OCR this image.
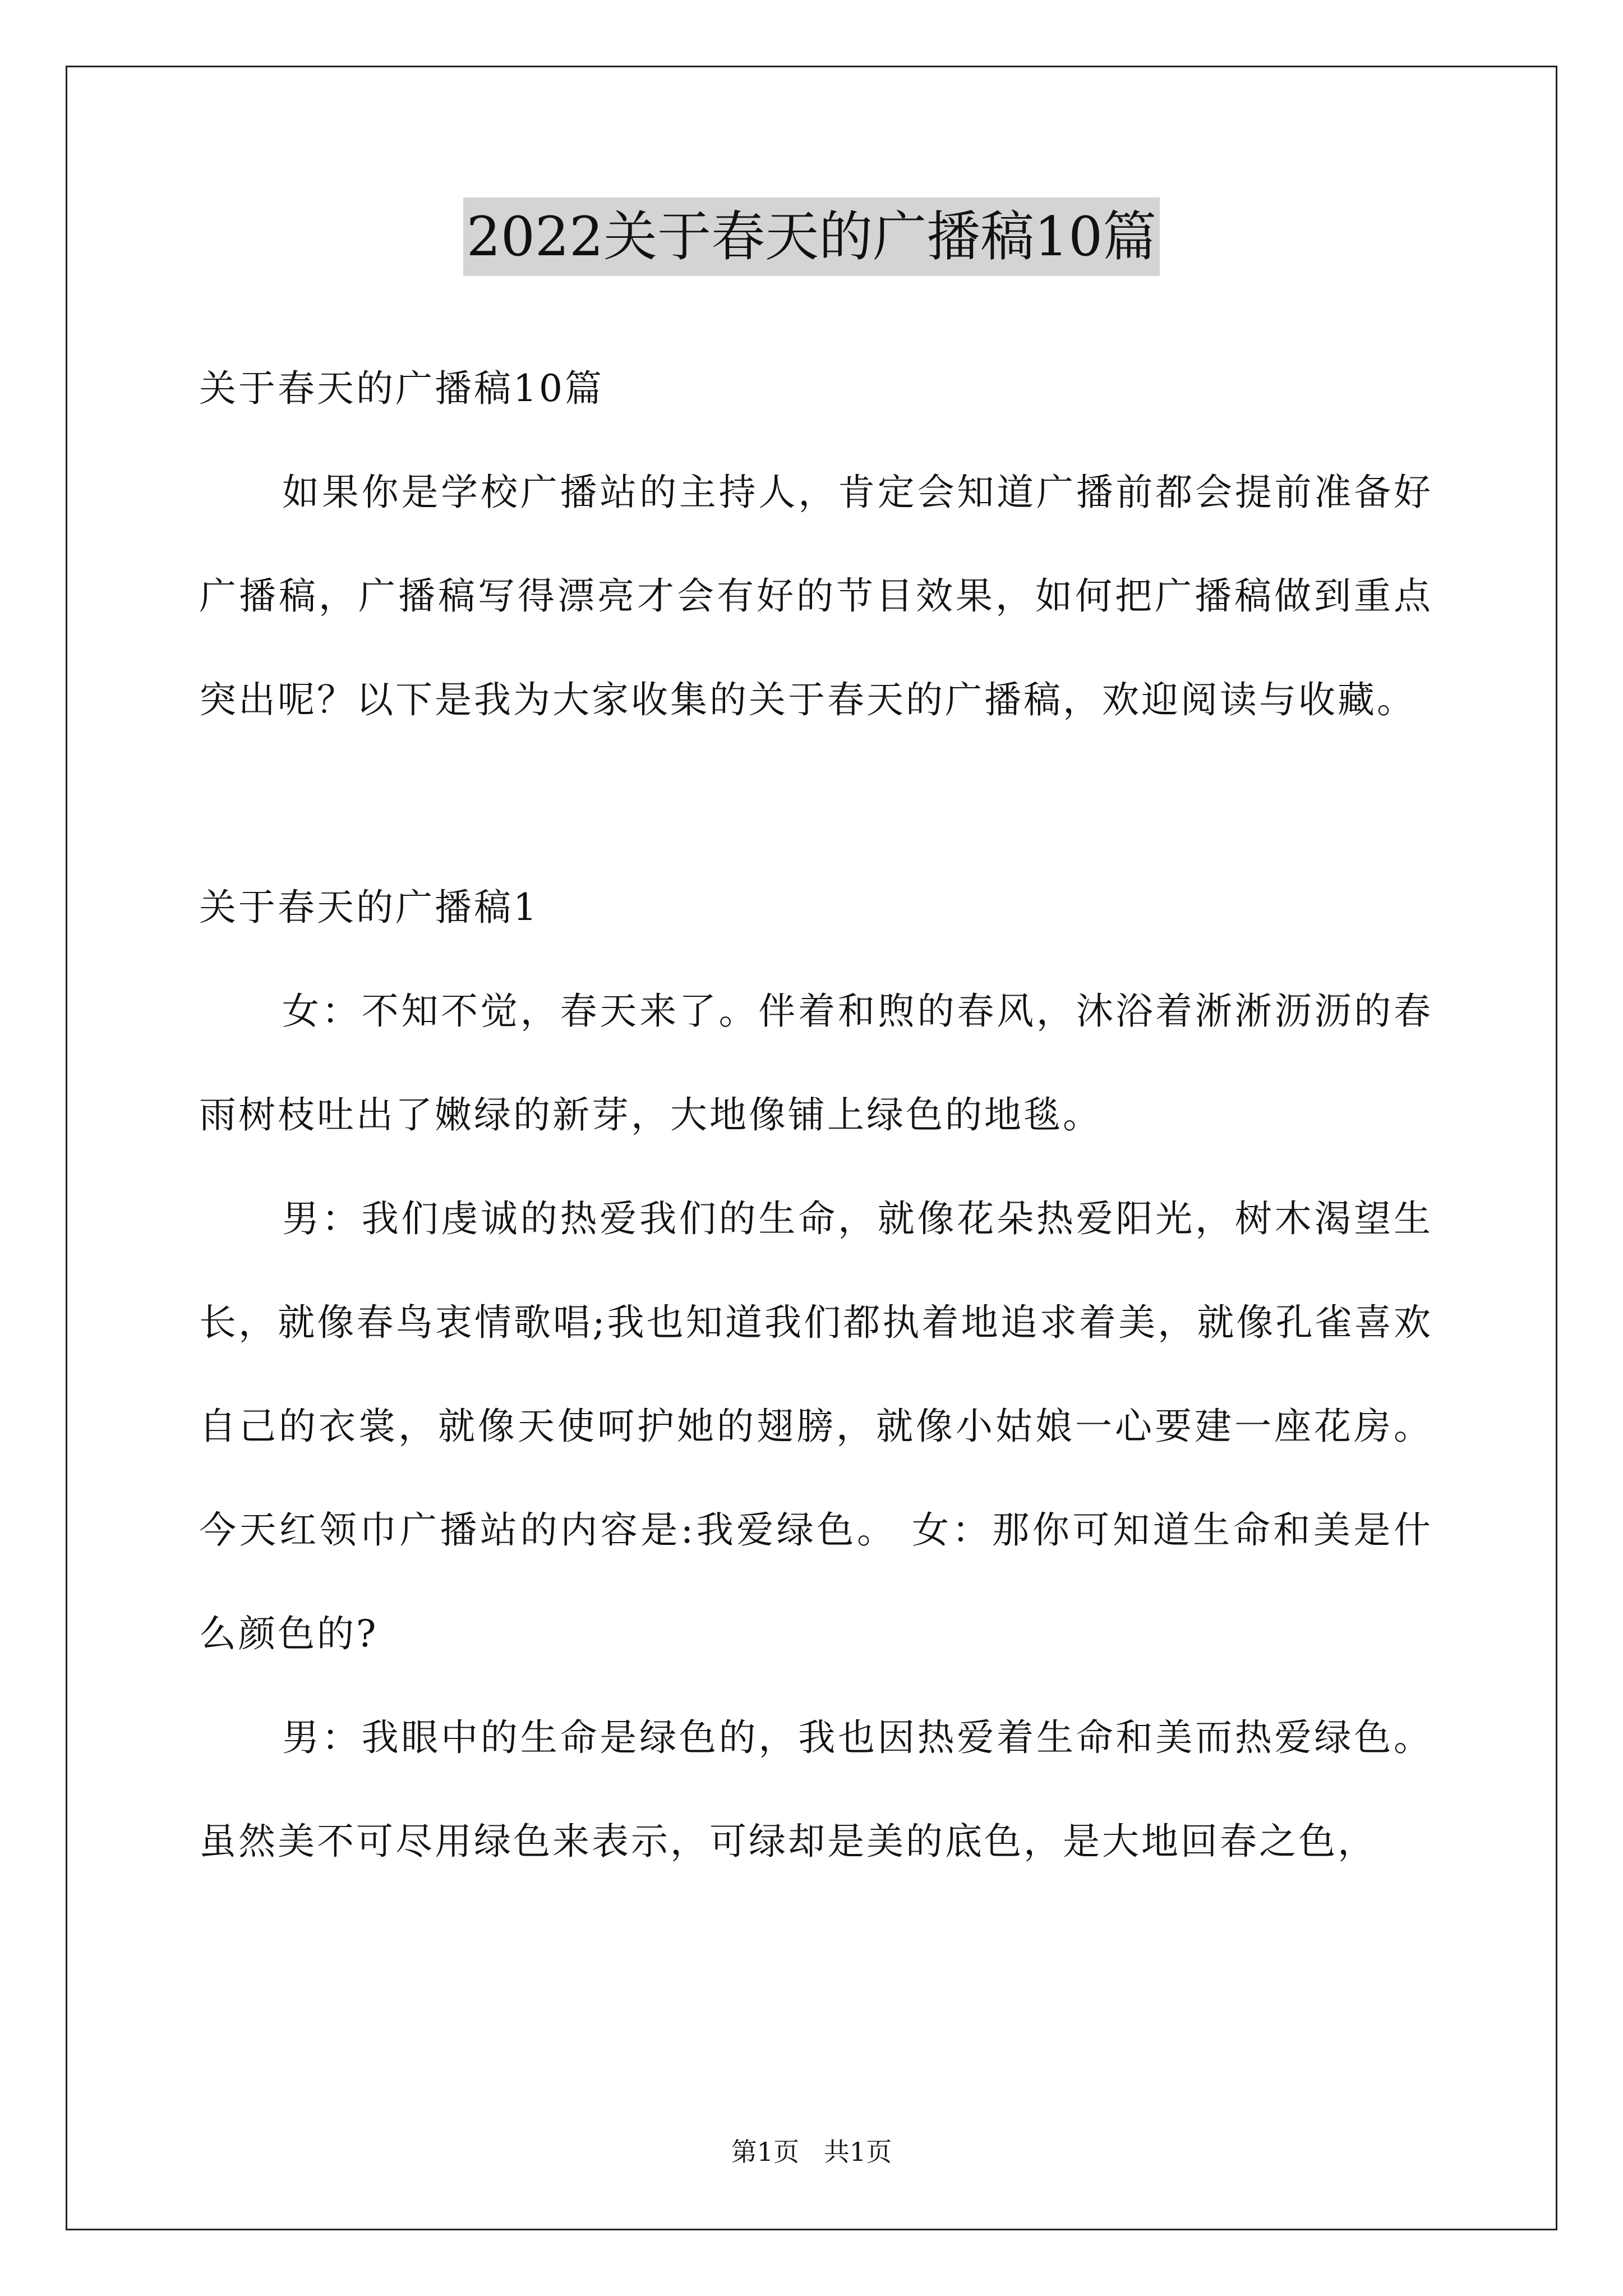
2022关于春天的广播稿10篇

关于春天的广播稿10篇

如果你是学校广播站的主持人，肯定会知道广播前都会提前准备好广播稿，广播稿写得漂亮才会有好的节目效果，如何把广播稿做到重点突出呢？以下是我为大家收集的关于春天的广播稿，欢迎阅读与收藏。

关于春天的广播稿1

女：不知不觉，春天来了。伴着和煦的春风，沐浴着淅淅沥沥的春雨树枝吐出了嫩绿的新芽，大地像铺上绿色的地毯。

男：我们虔诚的热爱我们的生命，就像花朵热爱阳光，树木渴望生长，就像春鸟衷情歌唱;我也知道我们都执着地追求着美，就像孔雀喜欢自己的衣裳，就像天使呵护她的翅膀，就像小姑娘一心要建一座花房。今天红领巾广播站的内容是:我爱绿色。 女：那你可知道生命和美是什么颜色的?

男：我眼中的生命是绿色的，我也因热爱着生命和美而热爱绿色。虽然美不可尽用绿色来表示，可绿却是美的底色，是大地回春之色，

第1页   共1页
